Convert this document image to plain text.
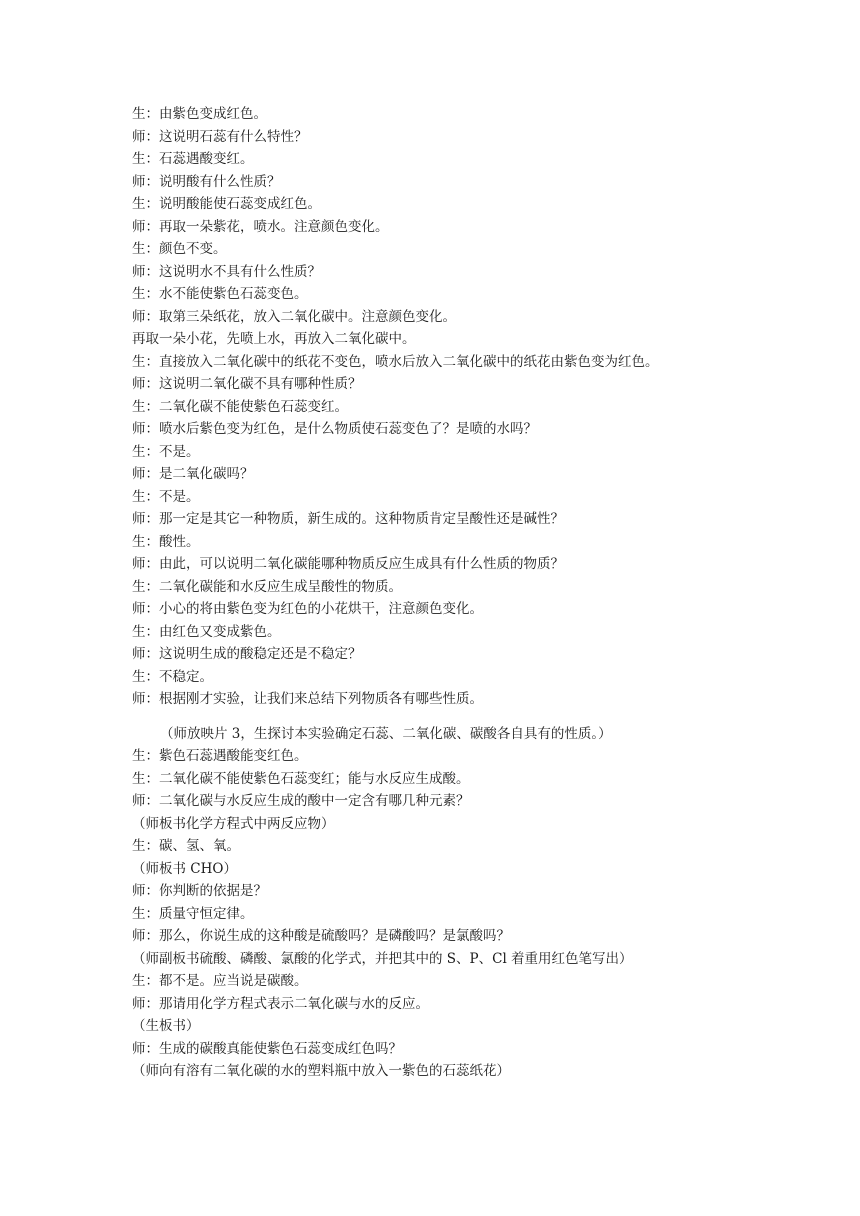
生：由紫色变成红色。
师：这说明石蕊有什么特性？
生：石蕊遇酸变红。
师：说明酸有什么性质？
生：说明酸能使石蕊变成红色。
师：再取一朵紫花，喷水。注意颜色变化。
生：颜色不变。
师：这说明水不具有什么性质？
生：水不能使紫色石蕊变色。
师：取第三朵纸花，放入二氧化碳中。注意颜色变化。
再取一朵小花，先喷上水，再放入二氧化碳中。
生：直接放入二氧化碳中的纸花不变色，喷水后放入二氧化碳中的纸花由紫色变为红色。
师：这说明二氧化碳不具有哪种性质？
生：二氧化碳不能使紫色石蕊变红。
师：喷水后紫色变为红色，是什么物质使石蕊变色了？是喷的水吗？
生：不是。
师：是二氧化碳吗？
生：不是。
师：那一定是其它一种物质，新生成的。这种物质肯定呈酸性还是碱性？
生：酸性。
师：由此，可以说明二氧化碳能哪种物质反应生成具有什么性质的物质？
生：二氧化碳能和水反应生成呈酸性的物质。
师：小心的将由紫色变为红色的小花烘干，注意颜色变化。
生：由红色又变成紫色。
师：这说明生成的酸稳定还是不稳定？
生：不稳定。
师：根据刚才实验，让我们来总结下列物质各有哪些性质。
（师放映片 3，生探讨本实验确定石蕊、二氧化碳、碳酸各自具有的性质。）
生：紫色石蕊遇酸能变红色。
生：二氧化碳不能使紫色石蕊变红；能与水反应生成酸。
师：二氧化碳与水反应生成的酸中一定含有哪几种元素？
（师板书化学方程式中两反应物）
生：碳、氢、氧。
（师板书 CHO）
师：你判断的依据是？
生：质量守恒定律。
师：那么，你说生成的这种酸是硫酸吗？是磷酸吗？是氯酸吗？
（师副板书硫酸、磷酸、氯酸的化学式，并把其中的 S、P、Cl 着重用红色笔写出）
生：都不是。应当说是碳酸。
师：那请用化学方程式表示二氧化碳与水的反应。
（生板书）
师：生成的碳酸真能使紫色石蕊变成红色吗？
（师向有溶有二氧化碳的水的塑料瓶中放入一紫色的石蕊纸花）
